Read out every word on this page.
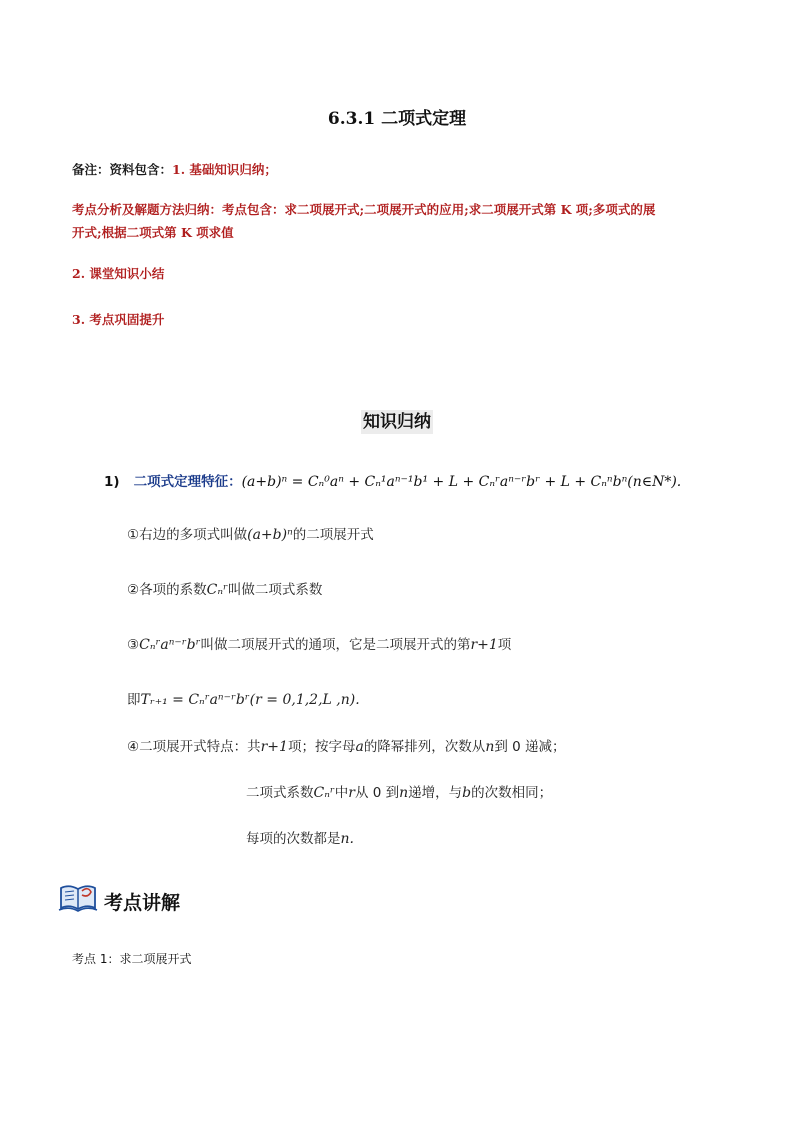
6.3.1 二项式定理
备注：资料包含：1. 基础知识归纳；
考点分析及解题方法归纳：考点包含：求二项展开式;二项展开式的应用;求二项展开式第 K 项;多项式的展
开式;根据二项式第 K 项求值
2. 课堂知识小结
3. 考点巩固提升
知识归纳
1) 二项式定理特征：(a+b)ⁿ = Cₙ⁰aⁿ + Cₙ¹aⁿ⁻¹b¹ + L + Cₙʳaⁿ⁻ʳbʳ + L + Cₙⁿbⁿ(n∈N*).
①右边的多项式叫做(a+b)ⁿ的二项展开式
②各项的系数Cₙʳ叫做二项式系数
③Cₙʳaⁿ⁻ʳbʳ叫做二项展开式的通项，它是二项展开式的第r+1项
即Tᵣ₊₁ = Cₙʳaⁿ⁻ʳbʳ(r = 0,1,2,L ,n).
④二项展开式特点：共r+1项；按字母a的降幂排列，次数从n到 0 递减；
二项式系数Cₙʳ中r从 0 到n递增，与b的次数相同；
每项的次数都是n.
考点讲解
考点 1：求二项展开式
